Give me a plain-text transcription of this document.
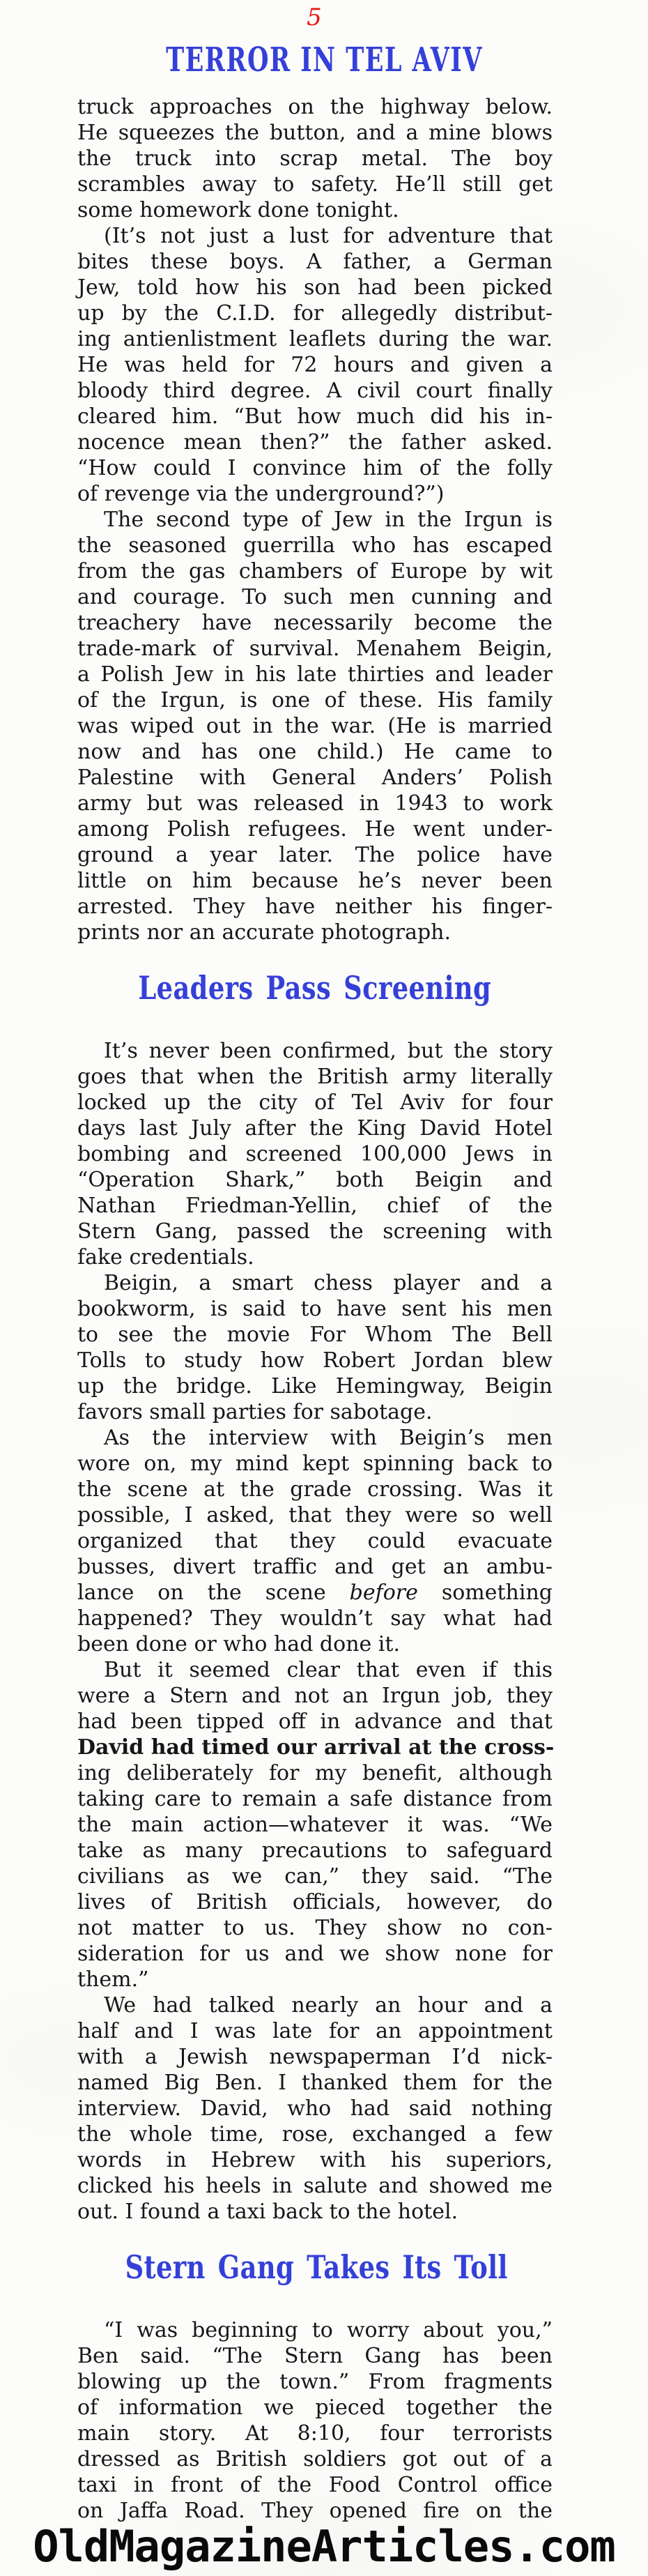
5
TERROR IN TEL AVIV
truck approaches on the highway below.
He squeezes the button, and a mine blows
the truck into scrap metal. The boy
scrambles away to safety. He’ll still get
some homework done tonight.
(It’s not just a lust for adventure that
bites these boys. A father, a German
Jew, told how his son had been picked
up by the C.I.D. for allegedly distribut-
ing antienlistment leaflets during the war.
He was held for 72 hours and given a
bloody third degree. A civil court finally
cleared him. “But how much did his in-
nocence mean then?” the father asked.
“How could I convince him of the folly
of revenge via the underground?”)
The second type of Jew in the Irgun is
the seasoned guerrilla who has escaped
from the gas chambers of Europe by wit
and courage. To such men cunning and
treachery have necessarily become the
trade-mark of survival. Menahem Beigin,
a Polish Jew in his late thirties and leader
of the Irgun, is one of these. His family
was wiped out in the war. (He is married
now and has one child.) He came to
Palestine with General Anders’ Polish
army but was released in 1943 to work
among Polish refugees. He went under-
ground a year later. The police have
little on him because he’s never been
arrested. They have neither his finger-
prints nor an accurate photograph.
Leaders Pass Screening
It’s never been confirmed, but the story
goes that when the British army literally
locked up the city of Tel Aviv for four
days last July after the King David Hotel
bombing and screened 100,000 Jews in
“Operation Shark,” both Beigin and
Nathan Friedman-Yellin, chief of the
Stern Gang, passed the screening with
fake credentials.
Beigin, a smart chess player and a
bookworm, is said to have sent his men
to see the movie For Whom The Bell
Tolls to study how Robert Jordan blew
up the bridge. Like Hemingway, Beigin
favors small parties for sabotage.
As the interview with Beigin’s men
wore on, my mind kept spinning back to
the scene at the grade crossing. Was it
possible, I asked, that they were so well
organized that they could evacuate
busses, divert traffic and get an ambu-
lance on the scene before something
happened? They wouldn’t say what had
been done or who had done it.
But it seemed clear that even if this
were a Stern and not an Irgun job, they
had been tipped off in advance and that
David had timed our arrival at the cross-
ing deliberately for my benefit, although
taking care to remain a safe distance from
the main action—whatever it was. “We
take as many precautions to safeguard
civilians as we can,” they said. “The
lives of British officials, however, do
not matter to us. They show no con-
sideration for us and we show none for
them.”
We had talked nearly an hour and a
half and I was late for an appointment
with a Jewish newspaperman I’d nick-
named Big Ben. I thanked them for the
interview. David, who had said nothing
the whole time, rose, exchanged a few
words in Hebrew with his superiors,
clicked his heels in salute and showed me
out. I found a taxi back to the hotel.
Stern Gang Takes Its Toll
“I was beginning to worry about you,”
Ben said. “The Stern Gang has been
blowing up the town.” From fragments
of information we pieced together the
main story. At 8:10, four terrorists
dressed as British soldiers got out of a
taxi in front of the Food Control office
on Jaffa Road. They opened fire on the
OldMagazineArticles.com
